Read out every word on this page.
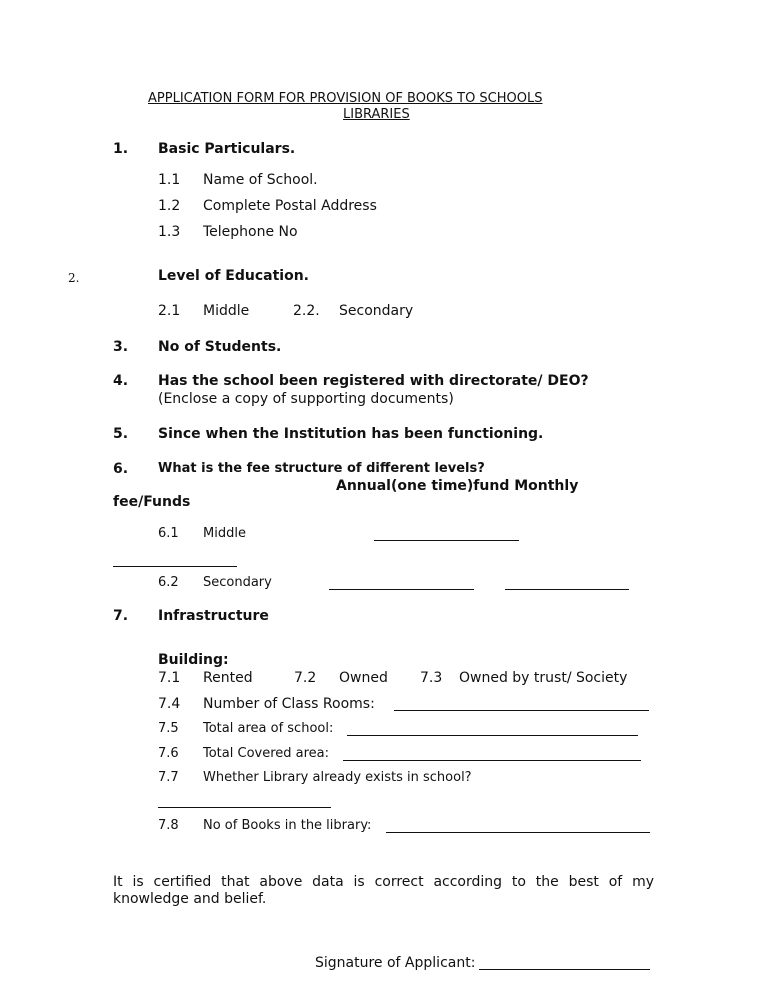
APPLICATION FORM FOR PROVISION OF BOOKS TO SCHOOLS
LIBRARIES
1. Basic Particulars.
1.1 Name of School.
1.2 Complete Postal Address
1.3 Telephone No
2.	Level of Education.
2.1 Middle	2.2. Secondary
3. No of Students.
4. Has the school been registered with directorate/ DEO?
(Enclose a copy of supporting documents)
5. Since when the Institution has been functioning.
6. What is the fee structure of different levels?
Annual(one time)fund Monthly
fee/Funds
6.1 Middle
6.2 Secondary
7. Infrastructure
Building:
7.1 Rented	7.2 Owned 7.3 Owned by trust/ Society
7.4 Number of Class Rooms:
7.5 Total area of school:
7.6 Total Covered area:
7.7 Whether Library already exists in school?
7.8 No of Books in the library:
It is certified that above data is correct according to the best of my knowledge and belief.
Signature of Applicant:
